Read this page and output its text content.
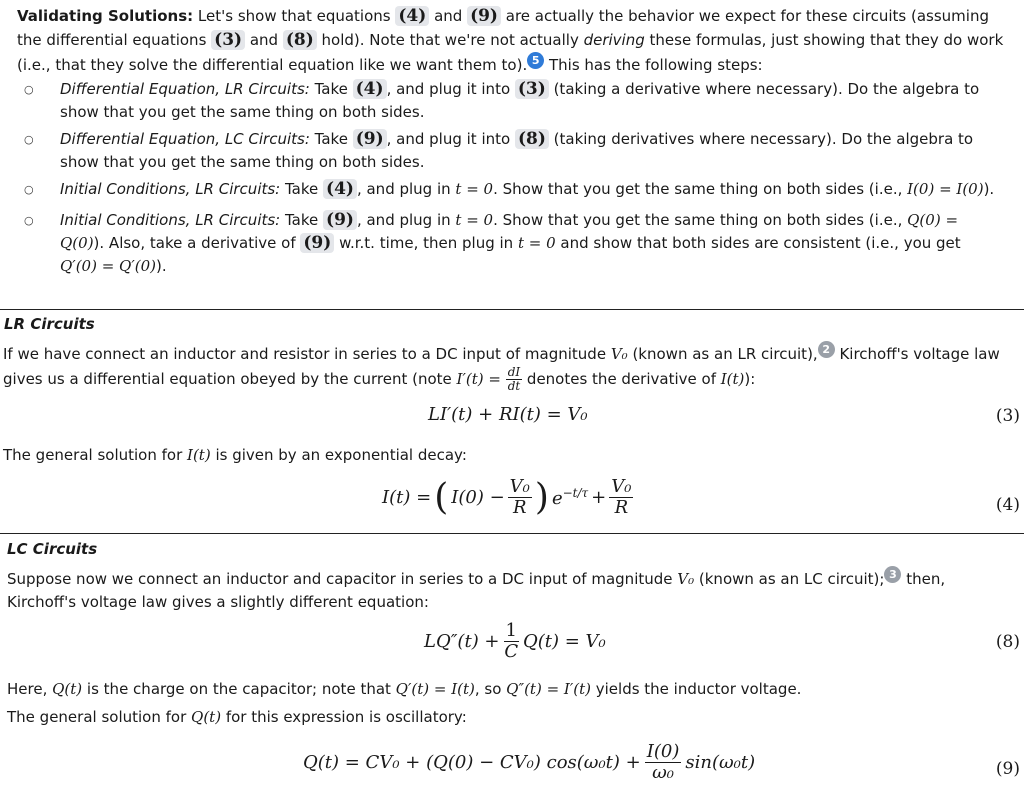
Validating Solutions: Let's show that equations (4) and (9) are actually the behavior we expect for these circuits (assuming the differential equations (3) and (8) hold). Note that we're not actually deriving these formulas, just showing that they do work (i.e., that they solve the differential equation like we want them to). 5 This has the following steps:
○ Differential Equation, LR Circuits: Take (4) , and plug it into (3) (taking a derivative where necessary). Do the algebra to show that you get the same thing on both sides.
○ Differential Equation, LC Circuits: Take (9) , and plug it into (8) (taking derivatives where necessary). Do the algebra to show that you get the same thing on both sides.
○ Initial Conditions, LR Circuits: Take (4) , and plug in t = 0. Show that you get the same thing on both sides (i.e., I(0) = I(0)).
○ Initial Conditions, LR Circuits: Take (9) , and plug in t = 0. Show that you get the same thing on both sides (i.e., Q(0) = Q(0)). Also, take a derivative of (9) w.r.t. time, then plug in t = 0 and show that both sides are consistent (i.e., you get Q′(0) = Q′(0)).
LR Circuits
If we have connect an inductor and resistor in series to a DC input of magnitude V₀ (known as an LR circuit), 2 Kirchoff's voltage law gives us a differential equation obeyed by the current (note $I'(t) = \frac{dI}{dt}$ denotes the derivative of I(t)):
LI′(t) + RI(t) = V₀	(3)
The general solution for I(t) is given by an exponential decay:
I(t) = ( $I(0) - \frac{\text{V₀}}{R}$ ) $e^{-t/\tau} + \frac{\text{V₀}}{R}$	(4)
LC Circuits
Suppose now we connect an inductor and capacitor in series to a DC input of magnitude V₀ (known as an LC circuit); 3 then, Kirchoff's voltage law gives a slightly different equation:
$LQ''(t) + \frac{1}{C} Q(t) = V_0$	(8)
Here, Q(t) is the charge on the capacitor; note that Q′(t) = I(t), so Q″(t) = I′(t) yields the inductor voltage.
The general solution for Q(t) for this expression is oscillatory:
Q(t) = CV₀ + (Q(0) − CV₀) $\cos(\omega_0t) + \frac{I(0)}{\text{ω₀}} \sin(\omega_0t)$	(9)
